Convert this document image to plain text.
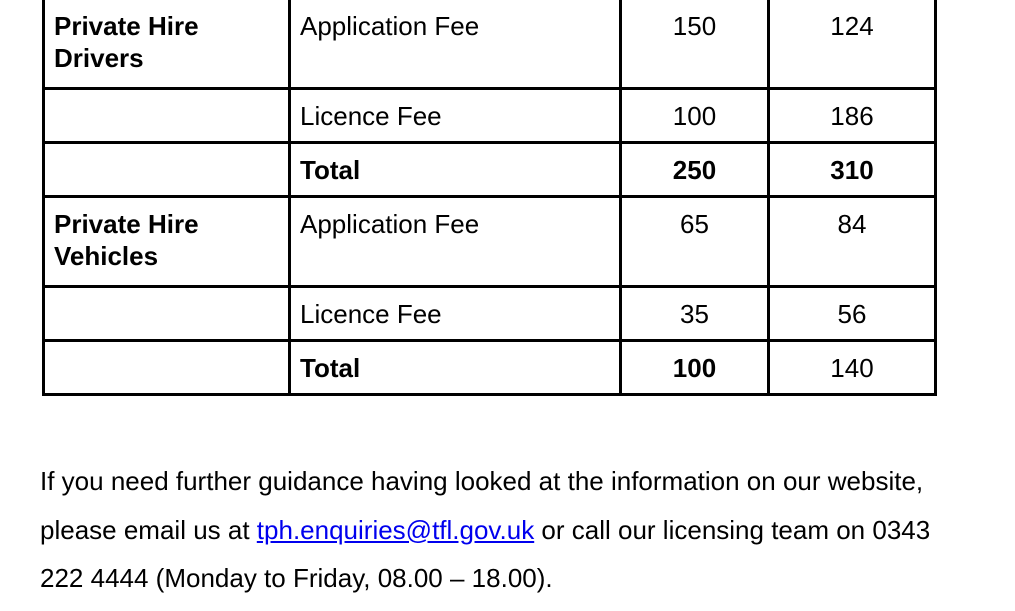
Private Hire Drivers	Application Fee	150	124
	Licence Fee	100	186
	Total	250	310
Private Hire Vehicles	Application Fee	65	84
	Licence Fee	35	56
	Total	100	140

If you need further guidance having looked at the information on our website,
please email us at tph.enquiries@tfl.gov.uk or call our licensing team on 0343
222 4444 (Monday to Friday, 08.00 – 18.00).
